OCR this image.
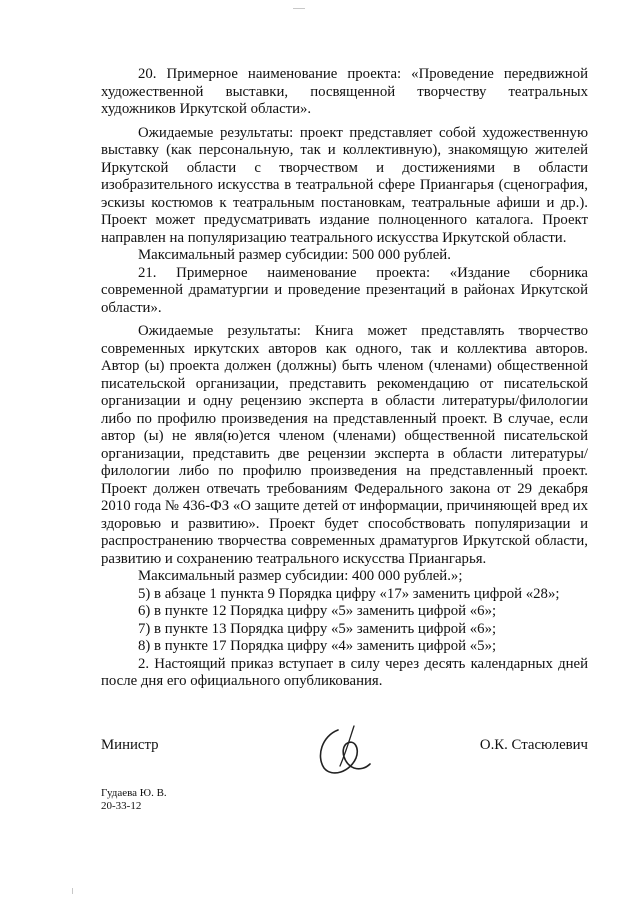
20. Примерное наименование проекта: «Проведение передвижной художественной выставки, посвященной творчеству театральных художников Иркутской области».

Ожидаемые результаты: проект представляет собой художественную выставку (как персональную, так и коллективную), знакомящую жителей Иркутской области с творчеством и достижениями в области изобразительного искусства в театральной сфере Приангарья (сценография, эскизы костюмов к театральным постановкам, театральные афиши и др.). Проект может предусматривать издание полноценного каталога. Проект направлен на популяризацию театрального искусства Иркутской области.

Максимальный размер субсидии: 500 000 рублей.

21. Примерное наименование проекта: «Издание сборника современной драматургии и проведение презентаций в районах Иркутской области».

Ожидаемые результаты: Книга может представлять творчество современных иркутских авторов как одного, так и коллектива авторов. Автор (ы) проекта должен (должны) быть членом (членами) общественной писательской организации, представить рекомендацию от писательской организации и одну рецензию эксперта в области литературы/филологии либо по профилю произведения на представленный проект. В случае, если автор (ы) не явля(ю)ется членом (членами) общественной писательской организации, представить две рецензии эксперта в области литературы/филологии либо по профилю произведения на представленный проект. Проект должен отвечать требованиям Федерального закона от 29 декабря 2010 года № 436-ФЗ «О защите детей от информации, причиняющей вред их здоровью и развитию». Проект будет способствовать популяризации и распространению творчества современных драматургов Иркутской области, развитию и сохранению театрального искусства Приангарья.

Максимальный размер субсидии: 400 000 рублей.»;

5) в абзаце 1 пункта 9 Порядка цифру «17» заменить цифрой «28»;

6) в пункте 12 Порядка цифру «5» заменить цифрой «6»;

7) в пункте 13 Порядка цифру «5» заменить цифрой «6»;

8) в пункте 17 Порядка цифру «4» заменить цифрой «5»;

2. Настоящий приказ вступает в силу через десять календарных дней после дня его официального опубликования.

Министр	О.К. Стасюлевич
Гудаева Ю. В.
20-33-12
